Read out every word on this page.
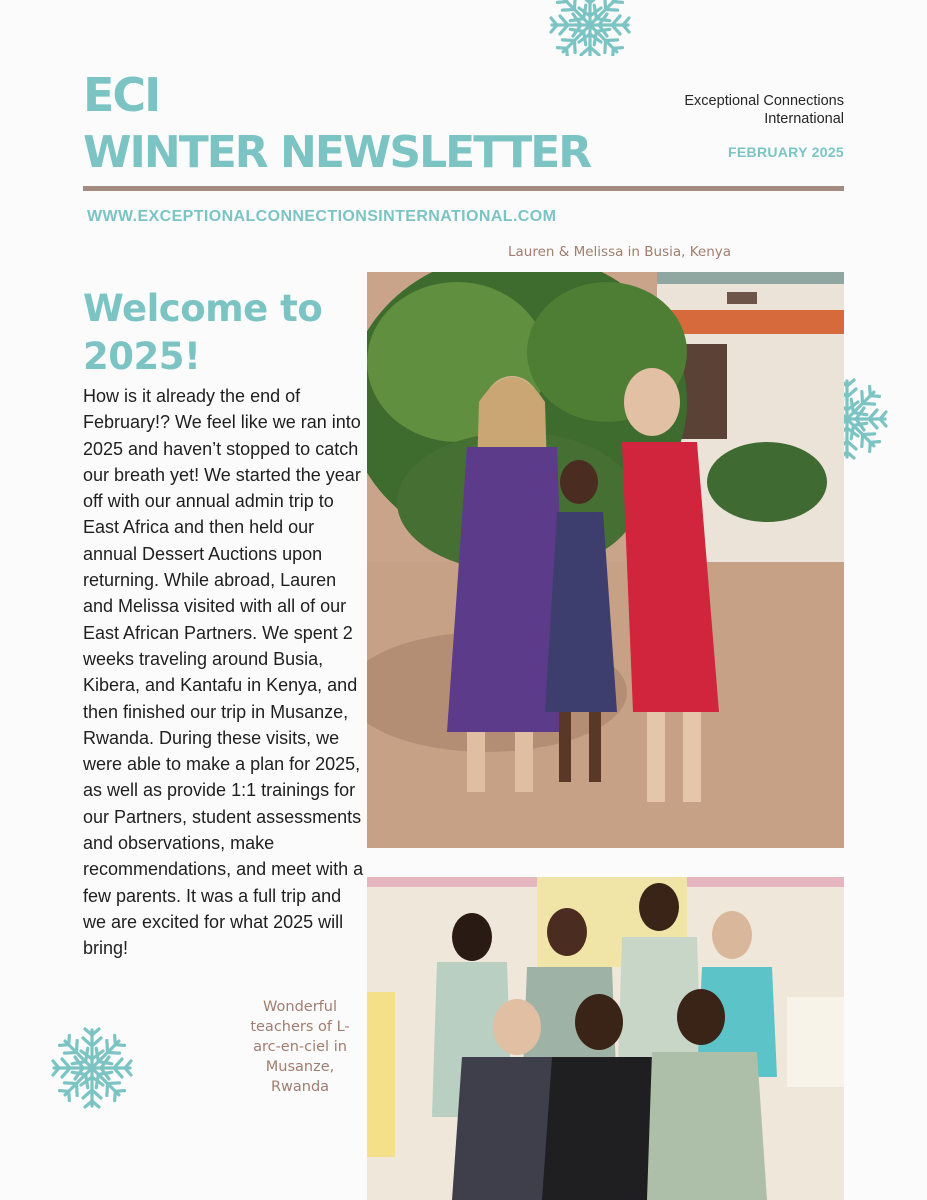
ECI
WINTER NEWSLETTER
Exceptional Connections International
FEBRUARY 2025
WWW.EXCEPTIONALCONNECTIONSINTERNATIONAL.COM
Lauren & Melissa in Busia, Kenya
Welcome to 2025!
How is it already the end of February!? We feel like we ran into 2025 and haven’t stopped to catch our breath yet! We started the year off with our annual admin trip to East Africa and then held our annual Dessert Auctions upon returning. While abroad, Lauren and Melissa visited with all of our East African Partners. We spent 2 weeks traveling around Busia, Kibera, and Kantafu in Kenya, and then finished our trip in Musanze, Rwanda. During these visits, we were able to make a plan for 2025, as well as provide 1:1 trainings for our Partners, student assessments and observations, make recommendations, and meet with a few parents. It was a full trip and we are excited for what 2025 will bring!
Wonderful teachers of L-arc-en-ciel in Musanze, Rwanda
